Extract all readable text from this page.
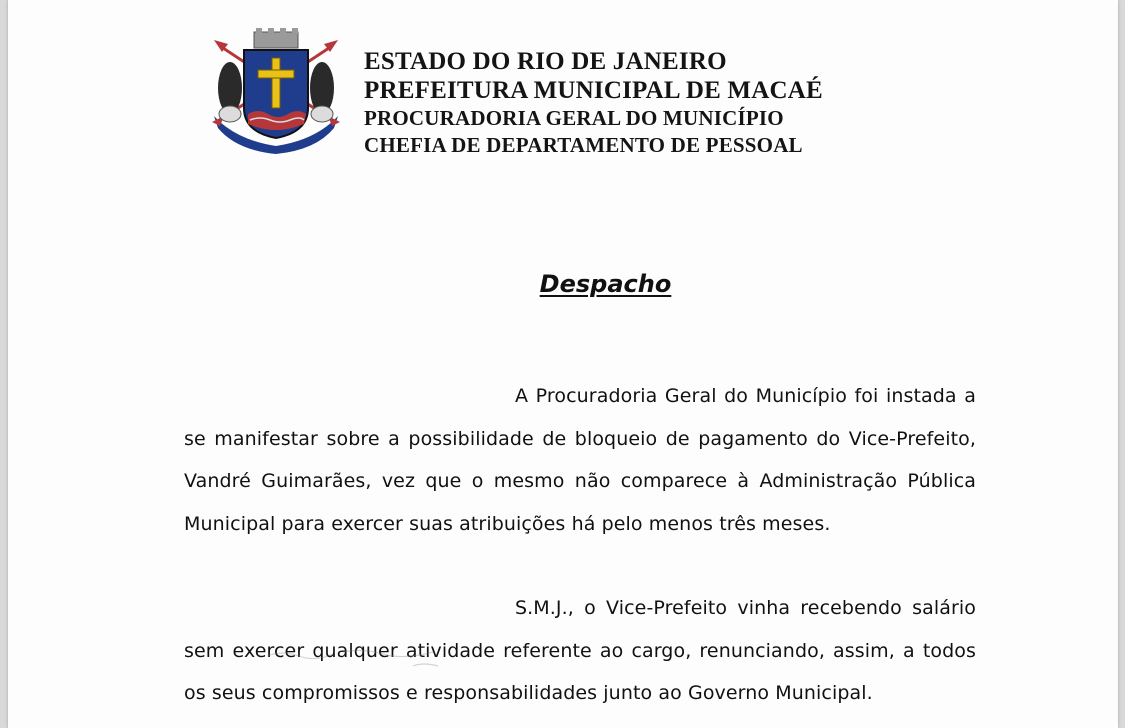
ESTADO DO RIO DE JANEIRO
PREFEITURA MUNICIPAL DE MACAÉ
PROCURADORIA GERAL DO MUNICÍPIO
CHEFIA DE DEPARTAMENTO DE PESSOAL
Despacho

A Procuradoria Geral do Município foi instada a se manifestar sobre a possibilidade de bloqueio de pagamento do Vice-Prefeito, Vandré Guimarães, vez que o mesmo não comparece à Administração Pública Municipal para exercer suas atribuições há pelo menos três meses.

S.M.J., o Vice-Prefeito vinha recebendo salário sem exercer qualquer atividade referente ao cargo, renunciando, assim, a todos os seus compromissos e responsabilidades junto ao Governo Municipal.
